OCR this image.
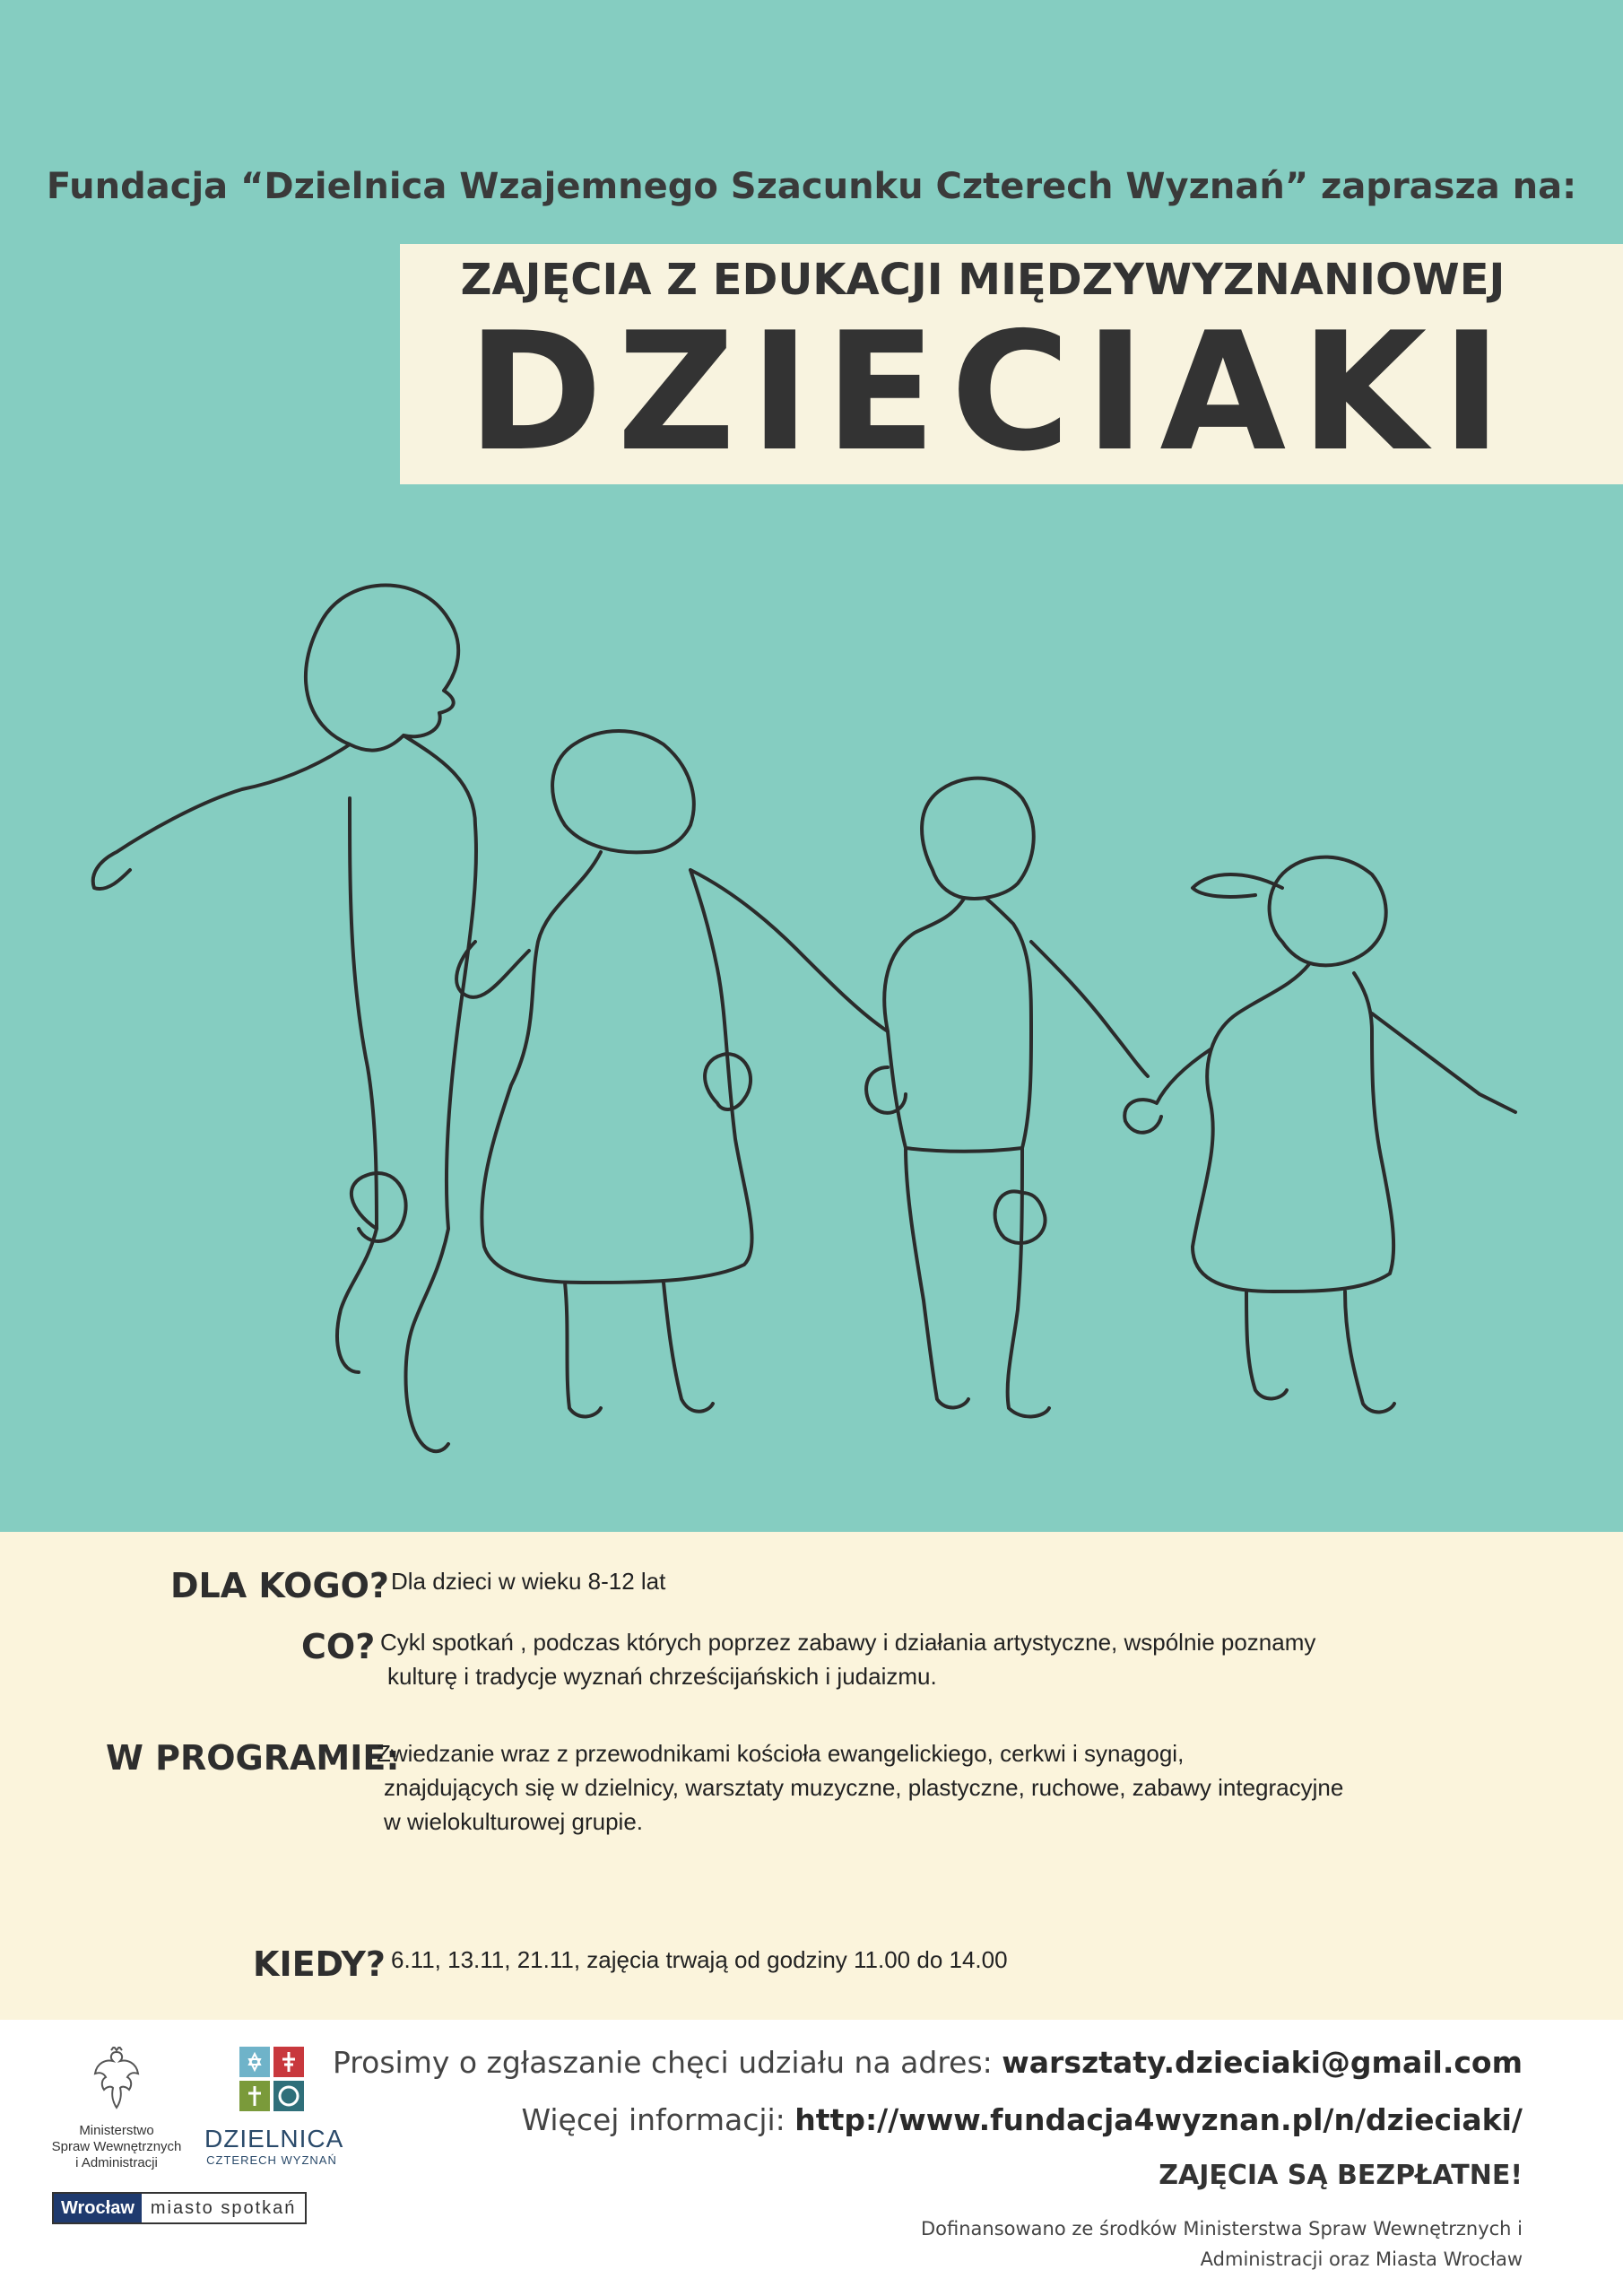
Fundacja “Dzielnica Wzajemnego Szacunku Czterech Wyznań” zaprasza na:
ZAJĘCIA Z EDUKACJI MIĘDZYWYZNANIOWEJ
DZIECIAKI
DLA KOGO? Dla dzieci w wieku 8-12 lat
CO? Cykl spotkań , podczas których poprzez zabawy i działania artystyczne, wspólnie poznamy
kulturę i tradycje wyznań chrześcijańskich i judaizmu.
W PROGRAMIE:
Zwiedzanie wraz z przewodnikami kościoła ewangelickiego, cerkwi i synagogi,
znajdujących się w dzielnicy, warsztaty muzyczne, plastyczne, ruchowe, zabawy integracyjne
w wielokulturowej grupie.
KIEDY? 6.11, 13.11, 21.11, zajęcia trwają od godziny 11.00 do 14.00
Ministerstwo
Spraw Wewnętrznych
i Administracji
DZIELNICA
CZTERECH WYZNAŃ
Wrocław miasto spotkań
Prosimy o zgłaszanie chęci udziału na adres: warsztaty.dzieciaki@gmail.com
Więcej informacji: http://www.fundacja4wyznan.pl/n/dzieciaki/
ZAJĘCIA SĄ BEZPŁATNE!
Dofinansowano ze środków Ministerstwa Spraw Wewnętrznych i
Administracji oraz Miasta Wrocław
